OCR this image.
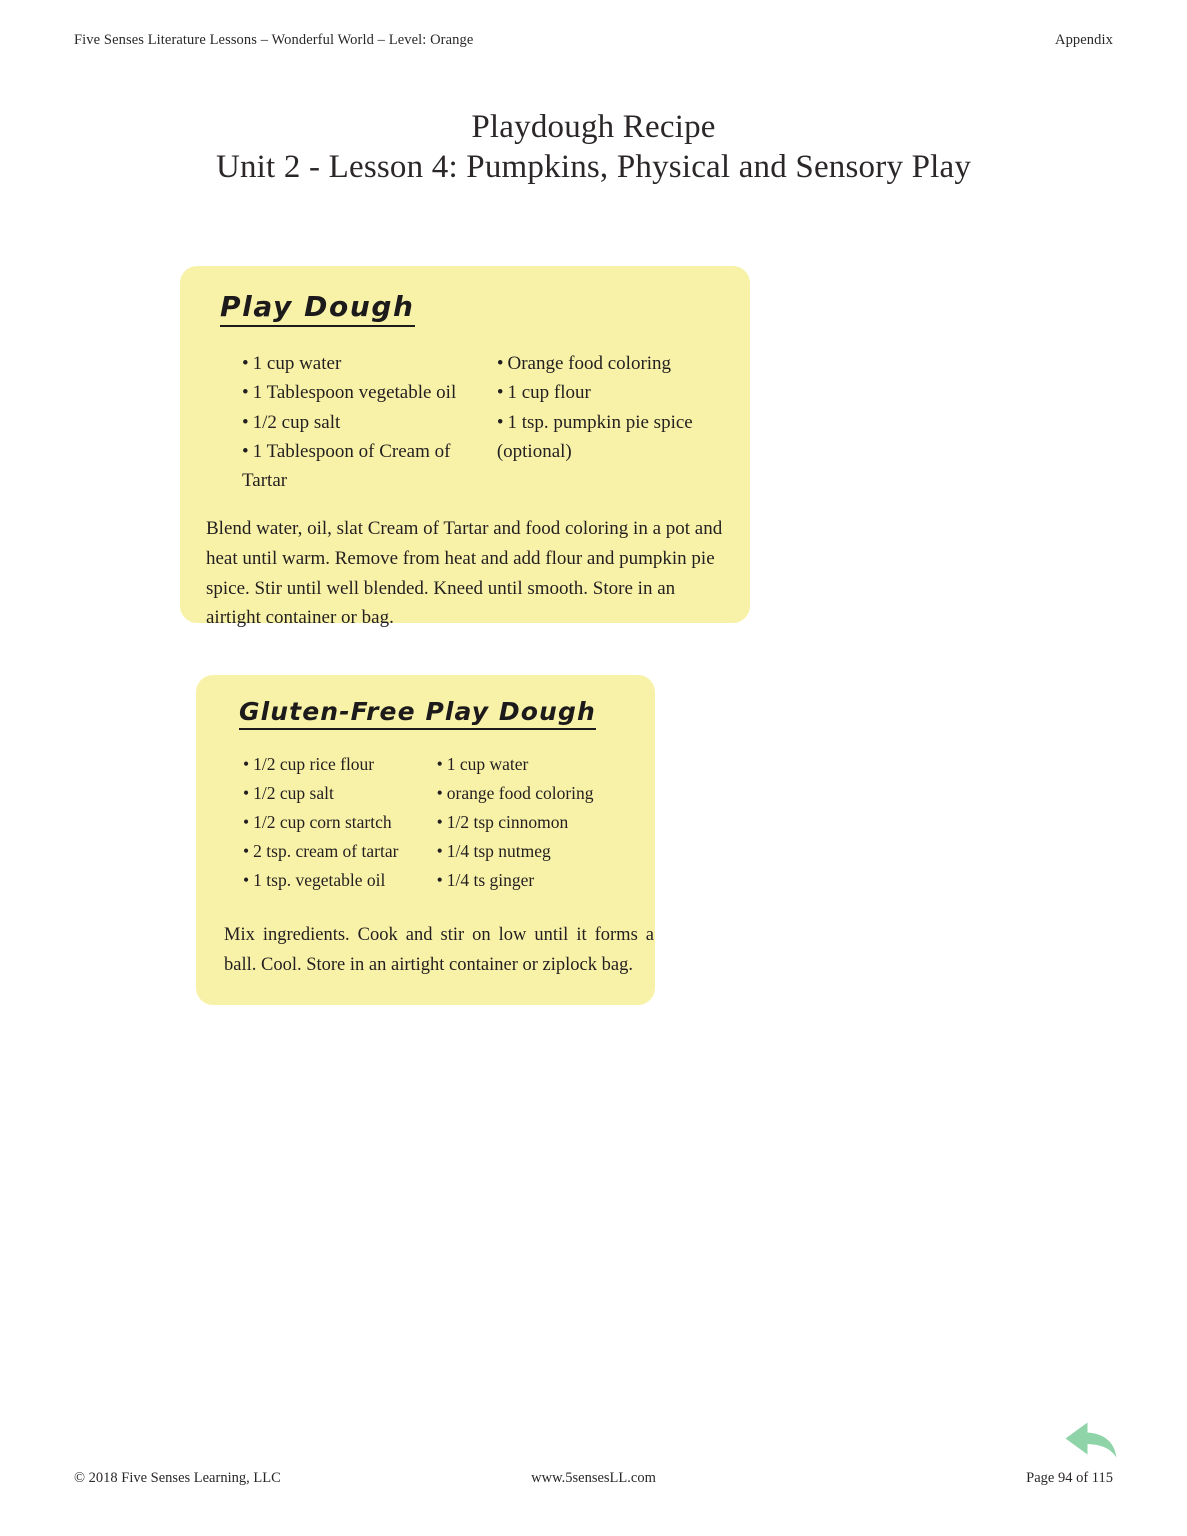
Five Senses Literature Lessons – Wonderful World – Level: Orange	Appendix
Playdough Recipe
Unit 2 - Lesson 4: Pumpkins, Physical and Sensory Play
Play Dough
• 1 cup water
• 1 Tablespoon vegetable oil
• 1/2 cup salt
• 1 Tablespoon of Cream of
Tartar
• Orange food coloring
• 1 cup flour
• 1 tsp. pumpkin pie spice
(optional)
Blend water, oil, slat Cream of Tartar and food coloring in a pot and heat until warm. Remove from heat and add flour and pumpkin pie spice. Stir until well blended. Kneed until smooth. Store in an airtight container or bag.
Gluten-Free Play Dough
• 1/2 cup rice flour
• 1/2 cup salt
• 1/2 cup corn startch
• 2 tsp. cream of tartar
• 1 tsp. vegetable oil
• 1 cup water
• orange food coloring
• 1/2 tsp cinnomon
• 1/4 tsp nutmeg
• 1/4 ts ginger
Mix ingredients. Cook and stir on low until it forms a ball. Cool. Store in an airtight container or ziplock bag.
© 2018 Five Senses Learning, LLC	www.5sensesLL.com	Page 94 of 115
